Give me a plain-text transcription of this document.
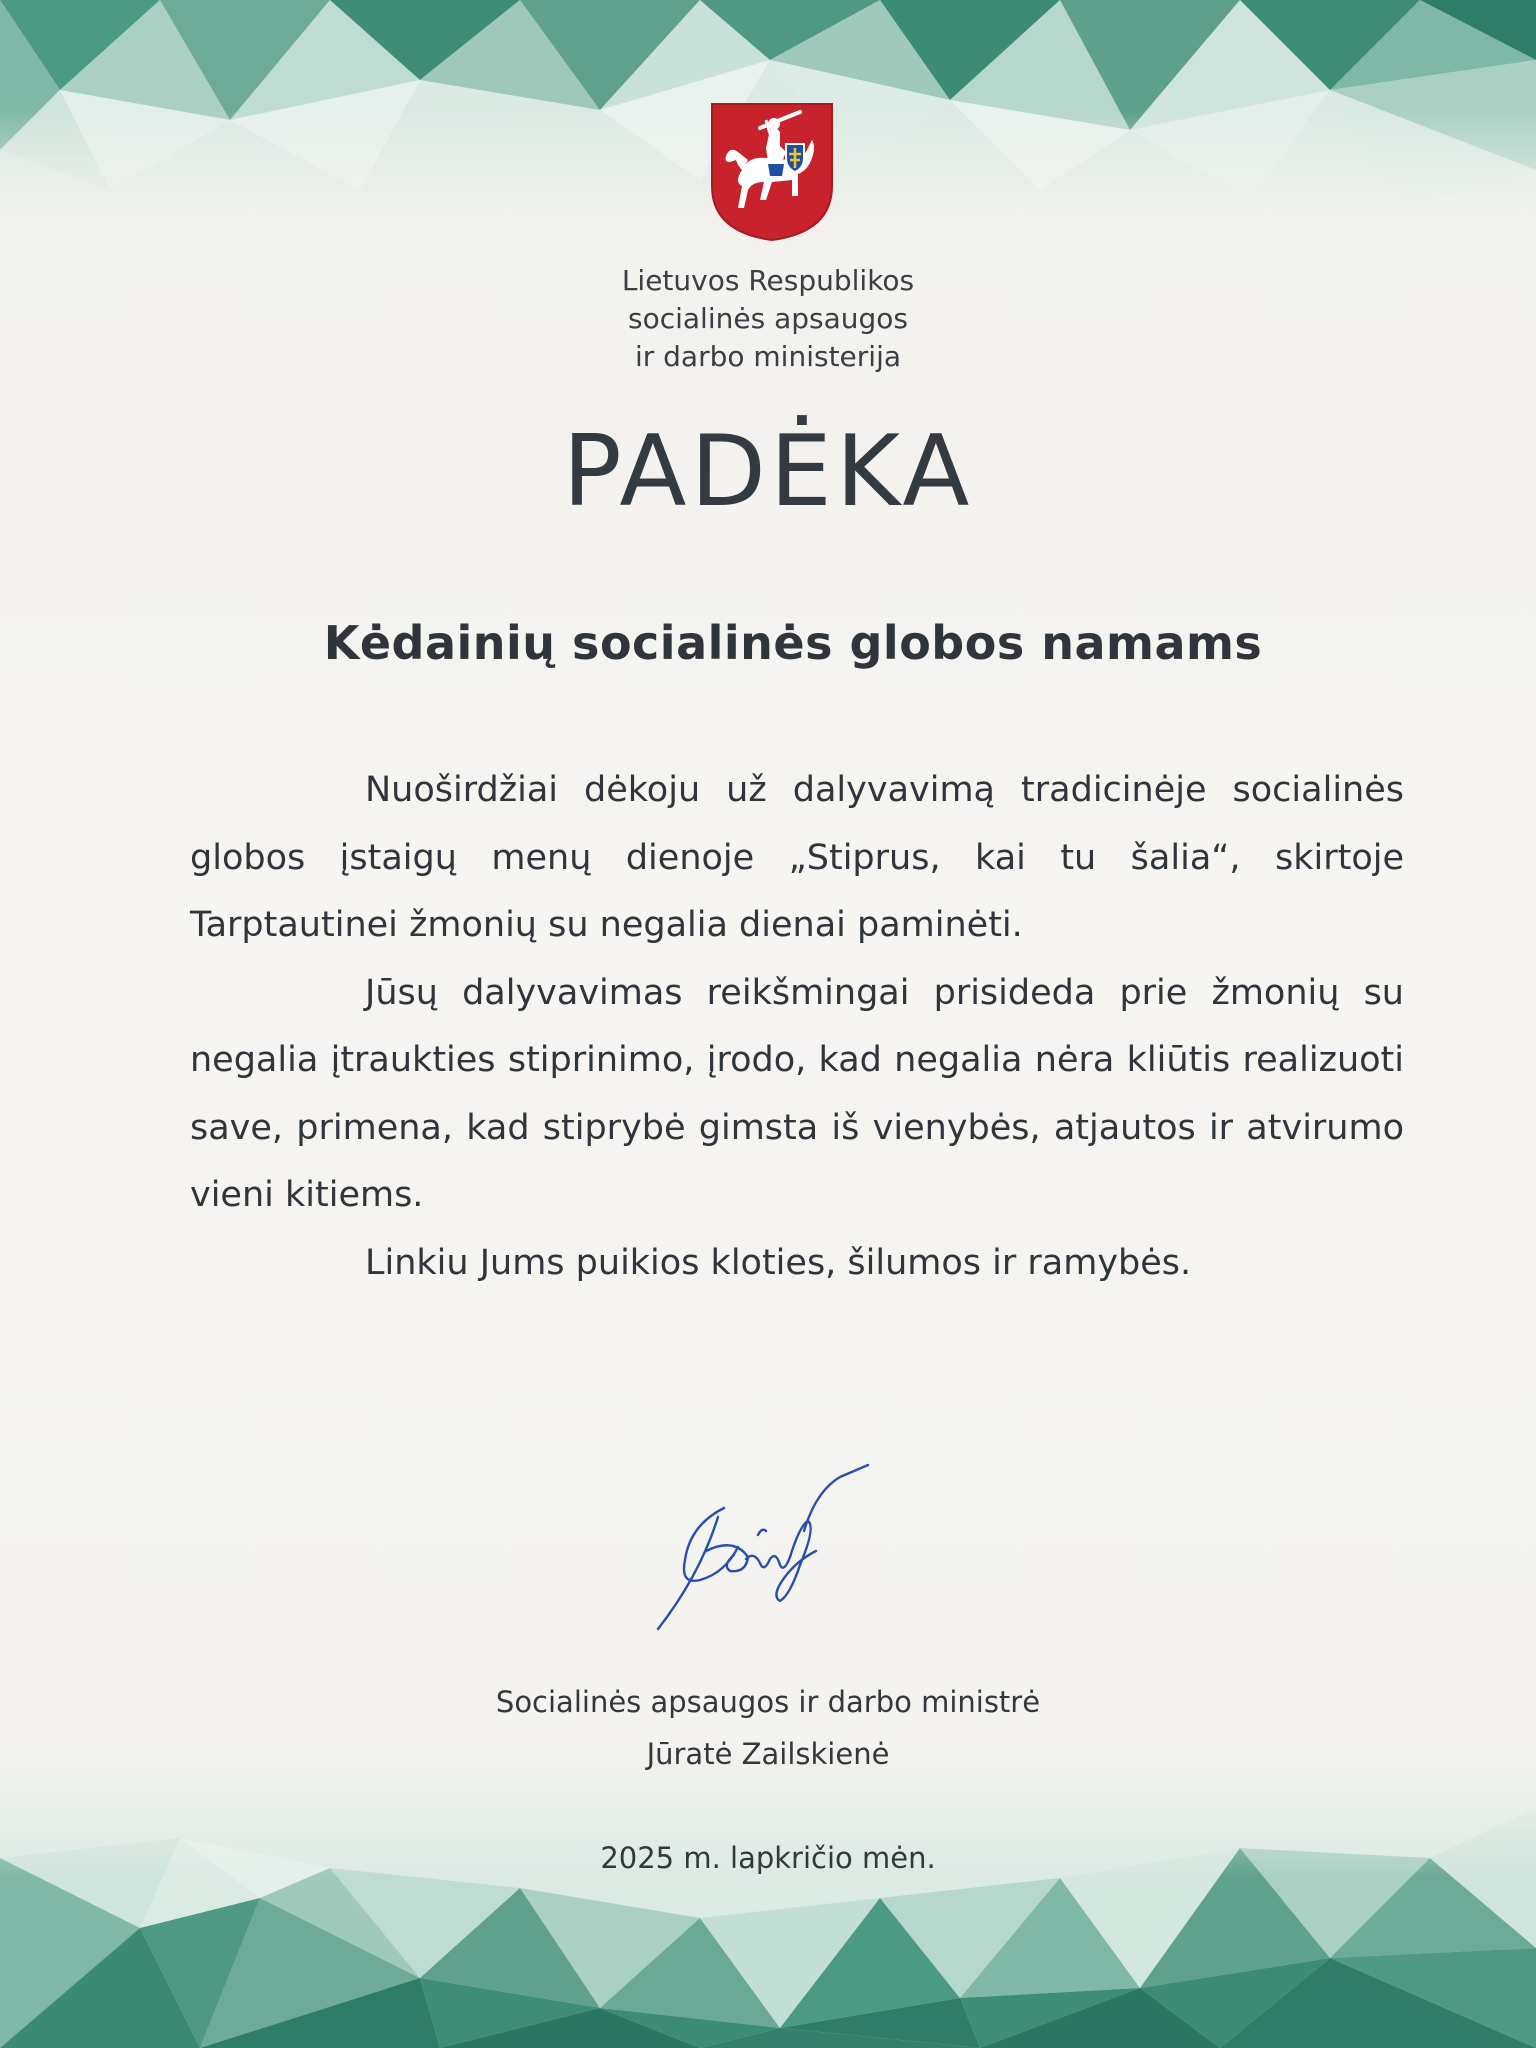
Lietuvos Respublikos
socialinės apsaugos
ir darbo ministerija
PADĖKA
Kėdainių socialinės globos namams

Nuoširdžiai dėkoju už dalyvavimą tradicinėje socialinės globos įstaigų menų dienoje „Stiprus, kai tu šalia“, skirtoje Tarptautinei žmonių su negalia dienai paminėti.

Jūsų dalyvavimas reikšmingai prisideda prie žmonių su negalia įtraukties stiprinimo, įrodo, kad negalia nėra kliūtis realizuoti save, primena, kad stiprybė gimsta iš vienybės, atjautos ir atvirumo vieni kitiems.

Linkiu Jums puikios kloties, šilumos ir ramybės.

Socialinės apsaugos ir darbo ministrė
Jūratė Zailskienė
2025 m. lapkričio mėn.
